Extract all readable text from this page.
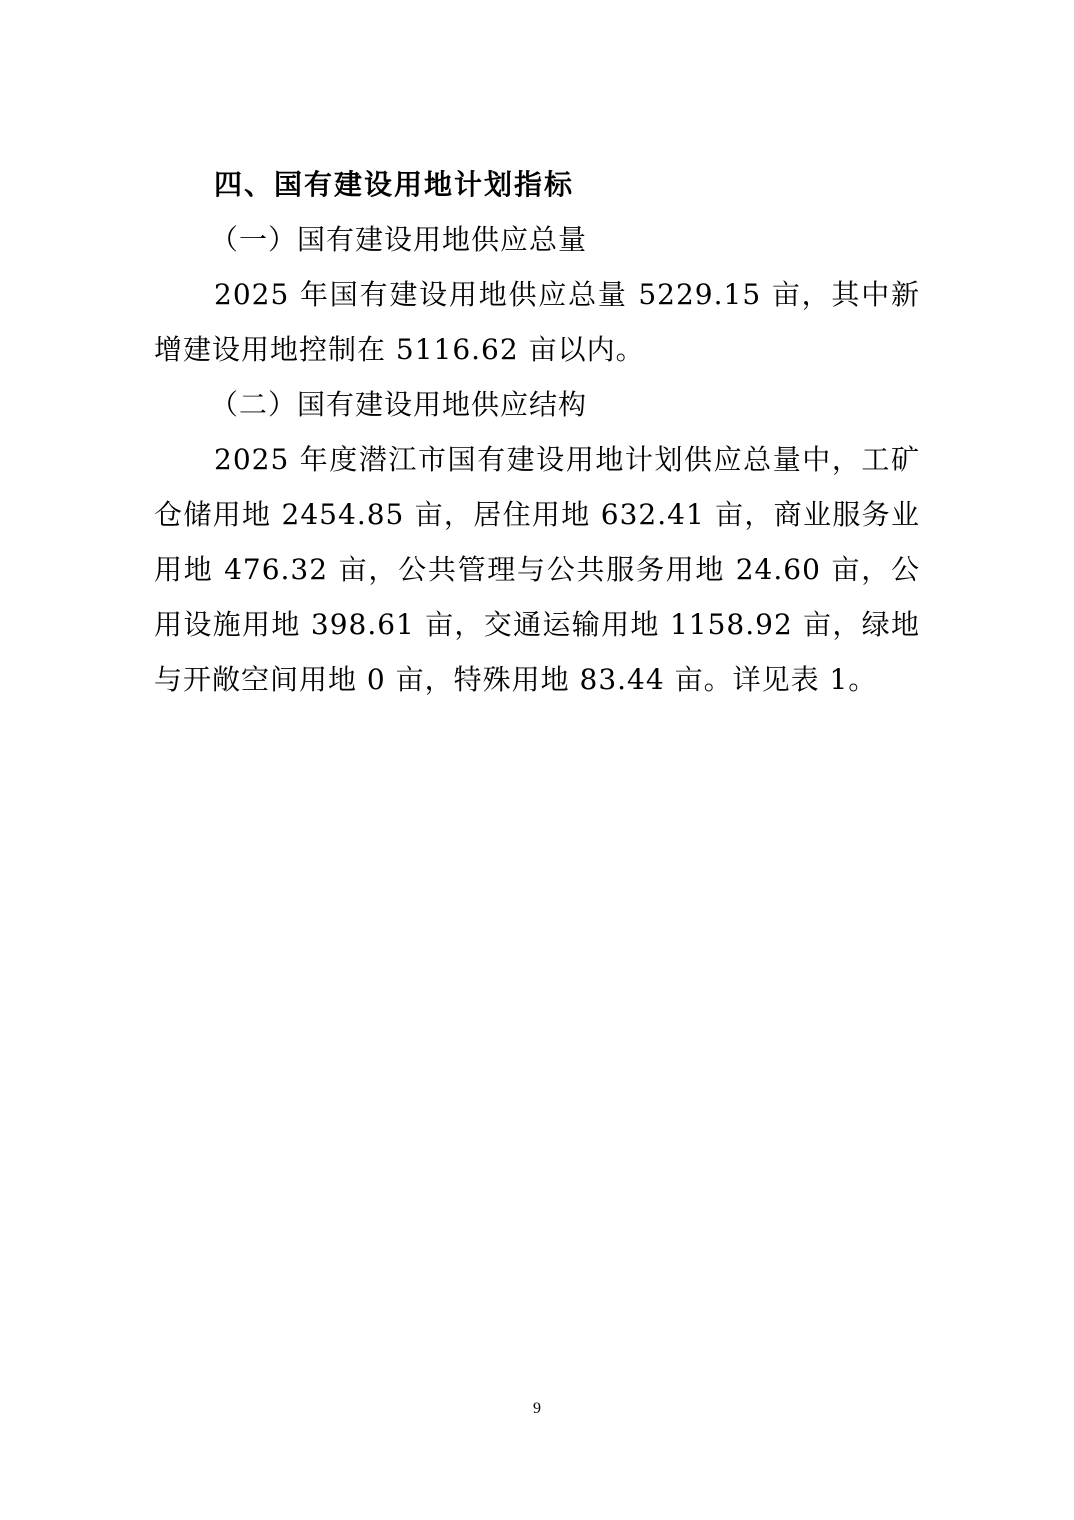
四、国有建设用地计划指标

（一）国有建设用地供应总量

2025 年国有建设用地供应总量 5229.15 亩，其中新增建设用地控制在 5116.62 亩以内。

（二）国有建设用地供应结构

2025 年度潜江市国有建设用地计划供应总量中，工矿仓储用地 2454.85 亩，居住用地 632.41 亩，商业服务业用地 476.32 亩，公共管理与公共服务用地 24.60 亩，公用设施用地 398.61 亩，交通运输用地 1158.92 亩，绿地与开敞空间用地 0 亩，特殊用地 83.44 亩。详见表 1。

9
